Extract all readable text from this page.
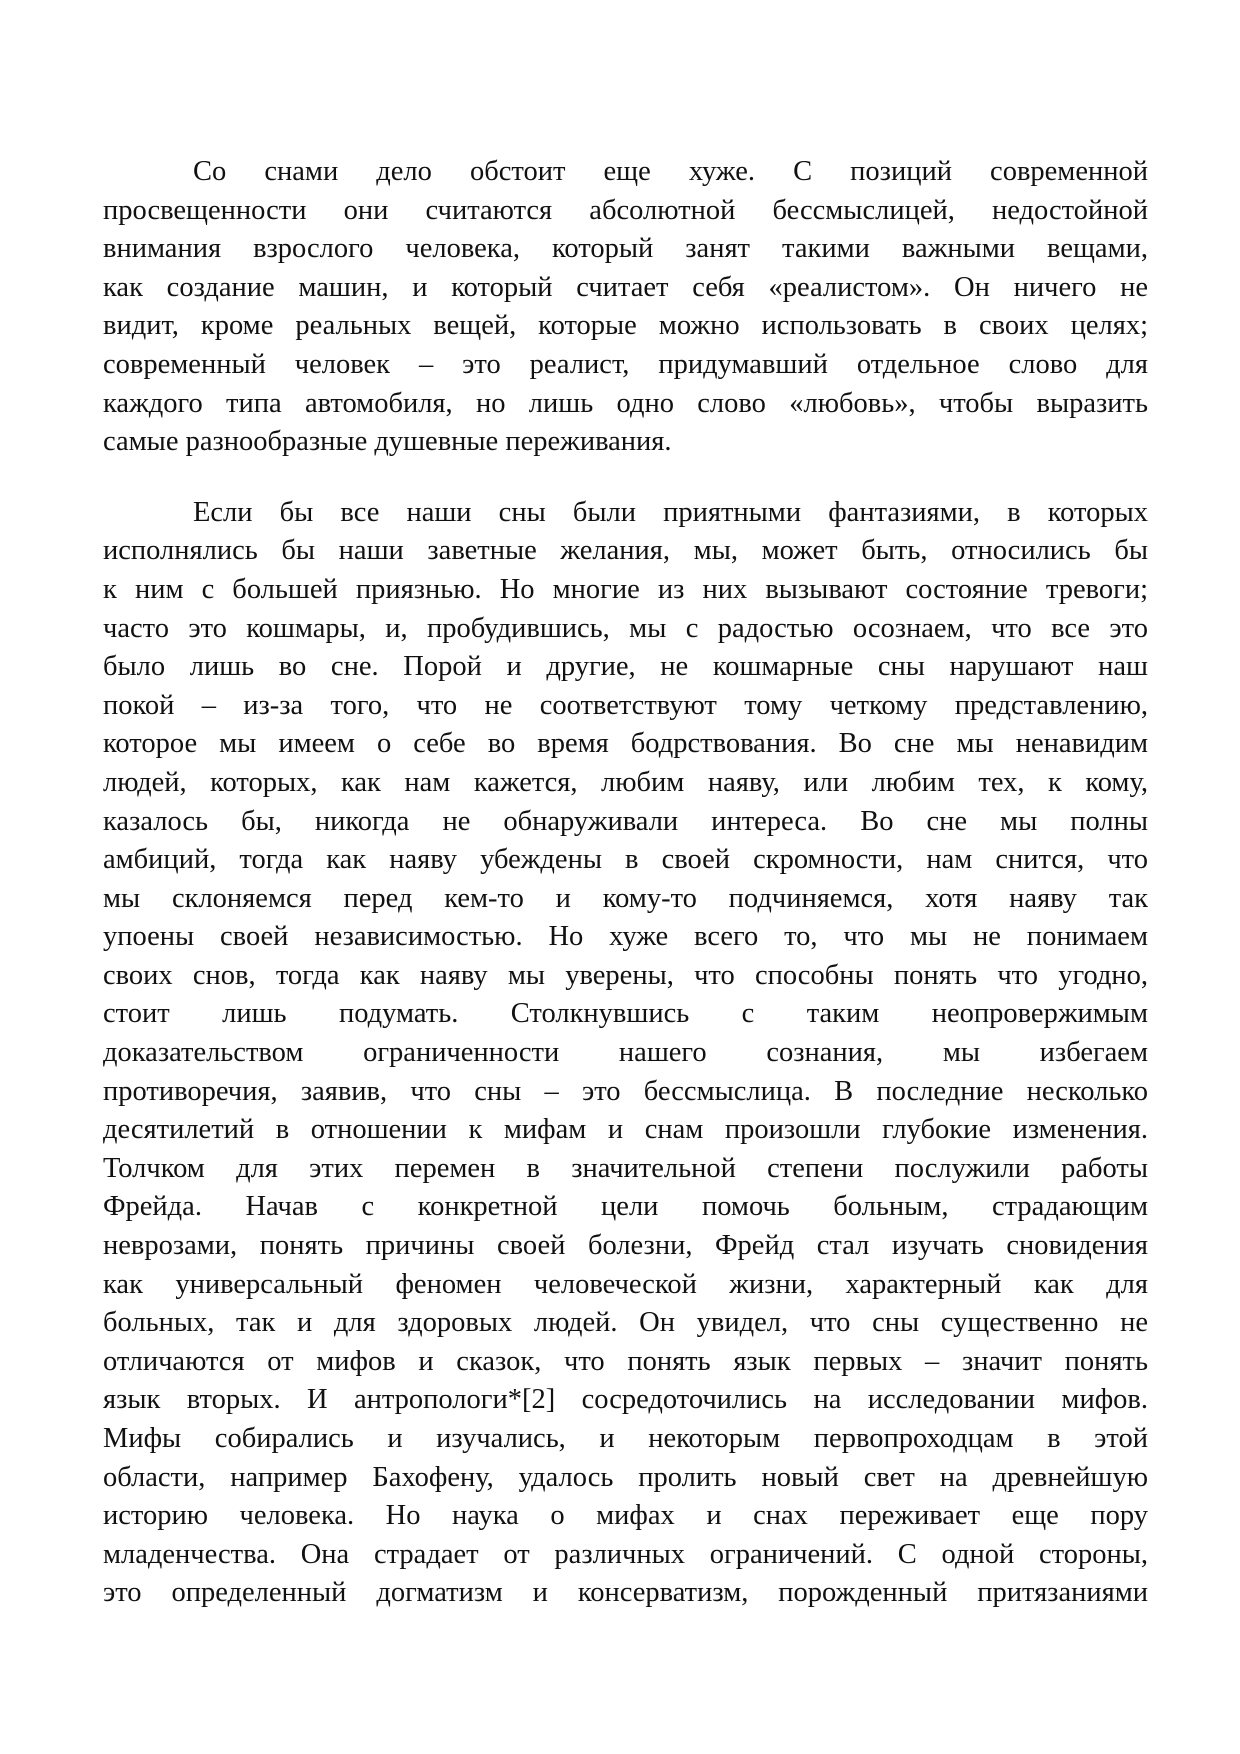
Со снами дело обстоит еще хуже. С позиций современной
просвещенности они считаются абсолютной бессмыслицей, недостойной
внимания взрослого человека, который занят такими важными вещами,
как создание машин, и который считает себя «реалистом». Он ничего не
видит, кроме реальных вещей, которые можно использовать в своих целях;
современный человек – это реалист, придумавший отдельное слово для
каждого типа автомобиля, но лишь одно слово «любовь», чтобы выразить
самые разнообразные душевные переживания.
Если бы все наши сны были приятными фантазиями, в которых
исполнялись бы наши заветные желания, мы, может быть, относились бы
к ним с большей приязнью. Но многие из них вызывают состояние тревоги;
часто это кошмары, и, пробудившись, мы с радостью осознаем, что все это
было лишь во сне. Порой и другие, не кошмарные сны нарушают наш
покой – из-за того, что не соответствуют тому четкому представлению,
которое мы имеем о себе во время бодрствования. Во сне мы ненавидим
людей, которых, как нам кажется, любим наяву, или любим тех, к кому,
казалось бы, никогда не обнаруживали интереса. Во сне мы полны
амбиций, тогда как наяву убеждены в своей скромности, нам снится, что
мы склоняемся перед кем-то и кому-то подчиняемся, хотя наяву так
упоены своей независимостью. Но хуже всего то, что мы не понимаем
своих снов, тогда как наяву мы уверены, что способны понять что угодно,
стоит лишь подумать. Столкнувшись с таким неопровержимым
доказательством ограниченности нашего сознания, мы избегаем
противоречия, заявив, что сны – это бессмыслица. В последние несколько
десятилетий в отношении к мифам и снам произошли глубокие изменения.
Толчком для этих перемен в значительной степени послужили работы
Фрейда. Начав с конкретной цели помочь больным, страдающим
неврозами, понять причины своей болезни, Фрейд стал изучать сновидения
как универсальный феномен человеческой жизни, характерный как для
больных, так и для здоровых людей. Он увидел, что сны существенно не
отличаются от мифов и сказок, что понять язык первых – значит понять
язык вторых. И антропологи*[2] сосредоточились на исследовании мифов.
Мифы собирались и изучались, и некоторым первопроходцам в этой
области, например Бахофену, удалось пролить новый свет на древнейшую
историю человека. Но наука о мифах и снах переживает еще пору
младенчества. Она страдает от различных ограничений. С одной стороны,
это определенный догматизм и консерватизм, порожденный притязаниями
